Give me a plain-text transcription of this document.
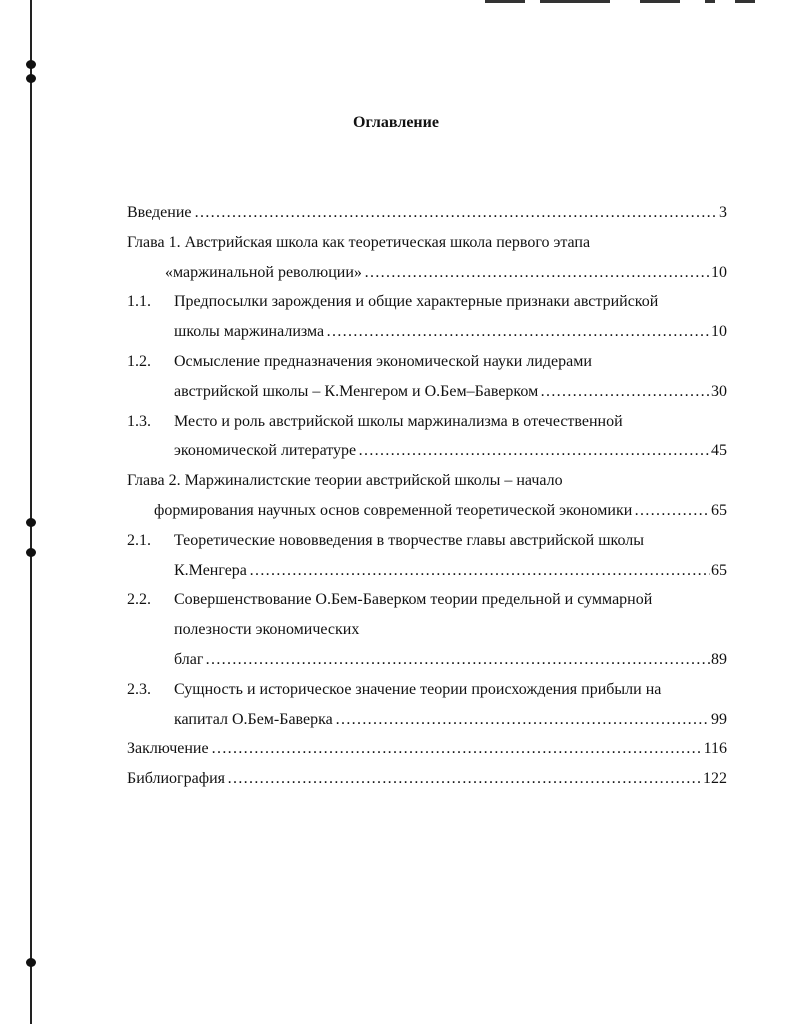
Оглавление
Введение …………………………………………………………………………………………………………………………	3
Глава 1. Австрийская школа как теоретическая школа первого этапа
«маржинальной революции» …………………………………………………………………………………………………………………………	10
1.1. Предпосылки зарождения и общие характерные признаки австрийской
школы маржинализма …………………………………………………………………………………………………………………………	10
1.2. Осмысление предназначения экономической науки лидерами
австрийской школы – К.Менгером и О.Бем–Баверком …………………………………………………………………………………………………………………………	30
1.3. Место и роль австрийской школы маржинализма в отечественной
экономической литературе …………………………………………………………………………………………………………………………	45
Глава 2. Маржиналистские теории австрийской школы – начало
формирования научных основ современной теоретической экономики …………………………………………………………………………………………………………………………	65
2.1. Теоретические нововведения в творчестве главы австрийской школы
К.Менгера …………………………………………………………………………………………………………………………	65
2.2. Совершенствование О.Бем-Баверком теории предельной и суммарной
полезности экономических
благ …………………………………………………………………………………………………………………………	89
2.3. Сущность и историческое значение теории происхождения прибыли на
капитал О.Бем-Баверка …………………………………………………………………………………………………………………………	99
Заключение …………………………………………………………………………………………………………………………	116
Библиография …………………………………………………………………………………………………………………………	122
